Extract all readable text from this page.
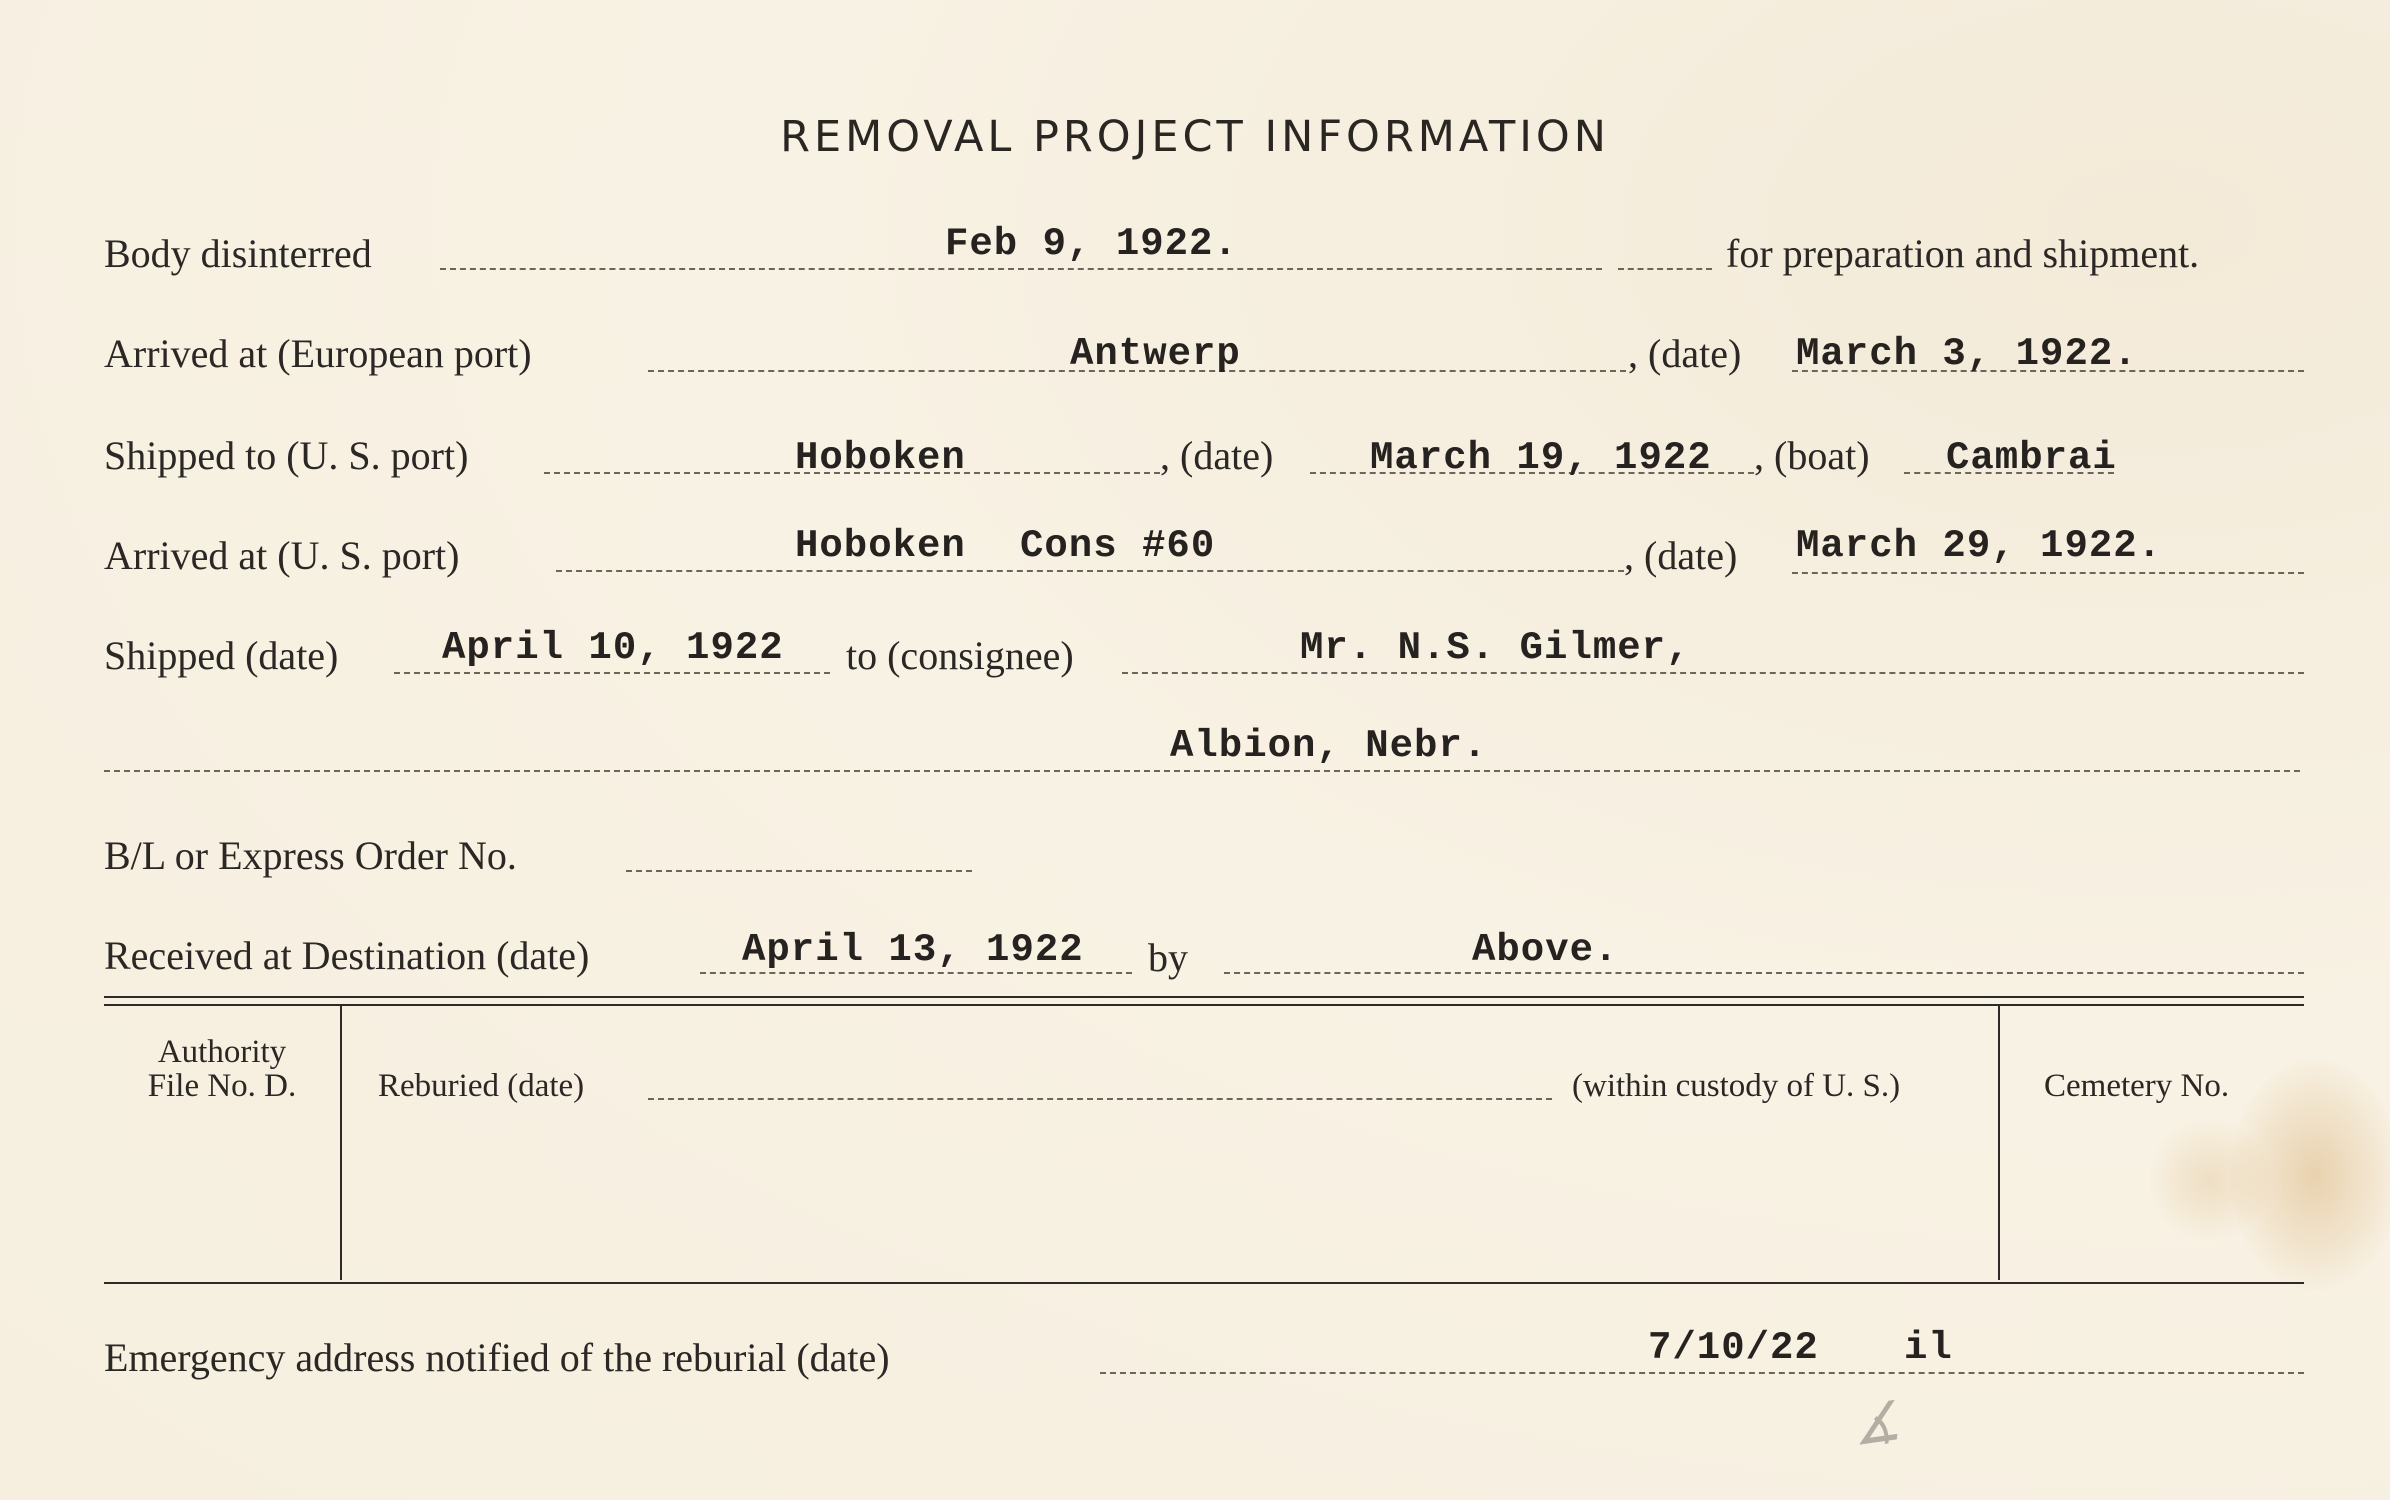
REMOVAL PROJECT INFORMATION
Body disinterred	Feb 9, 1922.	for preparation and shipment.
Arrived at (European port)	Antwerp	, (date) March 3, 1922.
Shipped to (U. S. port)	Hoboken	, (date) March 19, 1922 , (boat) Cambrai
Arrived at (U. S. port)	Hoboken Cons #60	, (date) March 29, 1922.
Shipped (date)	April 10, 1922 to (consignee)	Mr. N.S. Gilmer,
Albion, Nebr.
B/L or Express Order No.
Received at Destination (date)	April 13, 1922 by	Above.
Authority
File No. D.	Reburied (date)	(within custody of U. S.)	Cemetery No.
Emergency address notified of the reburial (date)	7/10/22 il
∡
